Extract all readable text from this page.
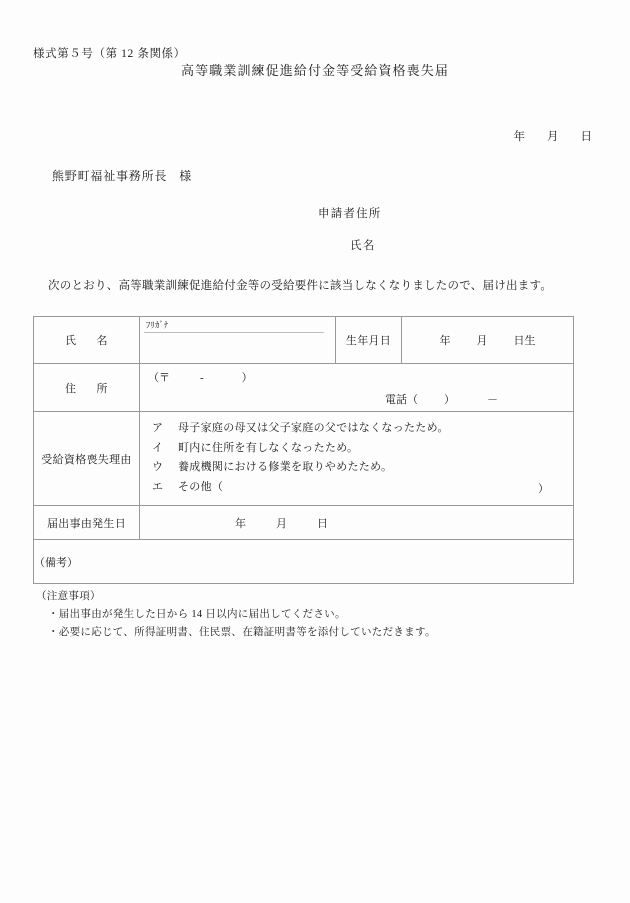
様式第５号（第 12 条関係）
高等職業訓練促進給付金等受給資格喪失届
年 月 日
熊野町福祉事務所長 様
申請者住所
氏名
次のとおり、高等職業訓練促進給付金等の受給要件に該当しなくなりましたので、届け出ます。
氏 名	ﾌﾘｶﾞﾅ	生年月日	年 月 日生
住 所	（〒 - ）
電話（ ） －		

受給資格喪失理由	ア 母子家庭の母又は父子家庭の父ではなくなったため。
イ 町内に住所を有しなくなったため。
ウ 養成機関における修業を取りやめたため。
エ その他（ ）		

届出事由発生日	年 月 日		
（備考）			
（注意事項）
・届出事由が発生した日から 14 日以内に届出してください。
・必要に応じて、所得証明書、住民票、在籍証明書等を添付していただきます。
